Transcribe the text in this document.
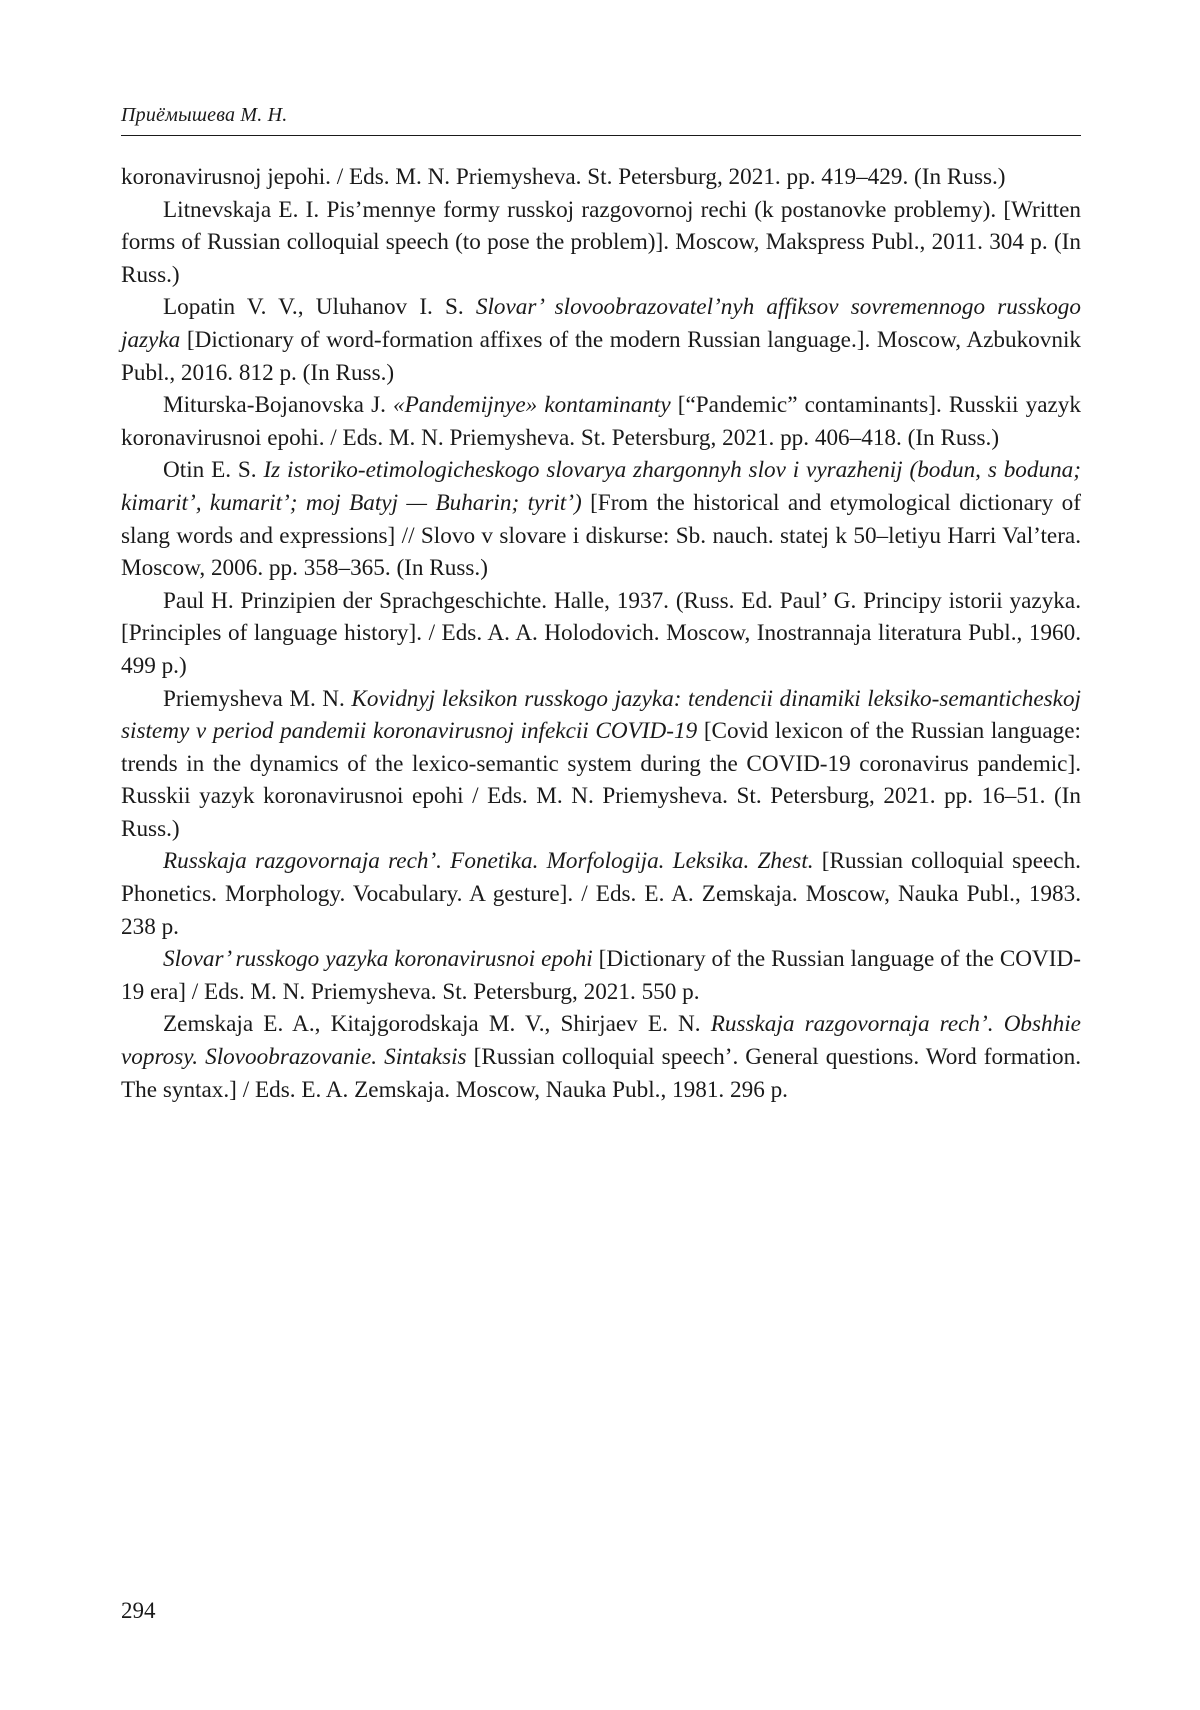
Приёмышева М. Н.

koronavirusnoj jepohi. / Eds. M. N. Priemysheva. St. Petersburg, 2021. pp. 419–429. (In Russ.)

Litnevskaja E. I. Pis’mennye formy russkoj razgovornoj rechi (k postanovke problemy). [Written forms of Russian colloquial speech (to pose the problem)]. Moscow, Makspress Publ., 2011. 304 p. (In Russ.)

Lopatin V. V., Uluhanov I. S. Slovar’ slovoobrazovatel’nyh affiksov sovremennogo russkogo jazyka [Dictionary of word-formation affixes of the modern Russian language.]. Moscow, Azbukovnik Publ., 2016. 812 p. (In Russ.)

Miturska-Bojanovska J. «Pandemijnye» kontaminanty [“Pandemic” contaminants]. Russkii yazyk koronavirusnoi epohi. / Eds. M. N. Priemysheva. St. Petersburg, 2021. pp. 406–418. (In Russ.)

Otin E. S. Iz istoriko-etimologicheskogo slovarya zhargonnyh slov i vyrazhenij (bodun, s boduna; kimarit’, kumarit’; moj Batyj — Buharin; tyrit’) [From the historical and etymological dictionary of slang words and expressions] // Slovo v slovare i diskurse: Sb. nauch. statej k 50–letiyu Harri Val’tera. Moscow, 2006. pp. 358–365. (In Russ.)

Paul H. Prinzipien der Sprachgeschichte. Halle, 1937. (Russ. Ed. Paul’ G. Principy istorii yazyka. [Principles of language history]. / Eds. A. A. Holodovich. Moscow, Inostrannaja literatura Publ., 1960. 499 p.)

Priemysheva M. N. Kovidnyj leksikon russkogo jazyka: tendencii dinamiki leksiko-semanticheskoj sistemy v period pandemii koronavirusnoj infekcii COVID-19 [Covid lexicon of the Russian language: trends in the dynamics of the lexico-semantic system during the COVID-19 coronavirus pandemic]. Russkii yazyk koronavirusnoi epohi / Eds. M. N. Priemysheva. St. Petersburg, 2021. pp. 16–51. (In Russ.)

Russkaja razgovornaja rech’. Fonetika. Morfologija. Leksika. Zhest. [Russian colloquial speech. Phonetics. Morphology. Vocabulary. A gesture]. / Eds. E. A. Zemskaja. Moscow, Nauka Publ., 1983. 238 p.

Slovar’ russkogo yazyka koronavirusnoi epohi [Dictionary of the Russian language of the COVID-19 era] / Eds. M. N. Priemysheva. St. Petersburg, 2021. 550 p.

Zemskaja E. A., Kitajgorodskaja M. V., Shirjaev E. N. Russkaja razgovornaja rech’. Obshhie voprosy. Slovoobrazovanie. Sintaksis [Russian colloquial speech’. General questions. Word formation. The syntax.] / Eds. E. A. Zemskaja. Moscow, Nauka Publ., 1981. 296 p.

294
